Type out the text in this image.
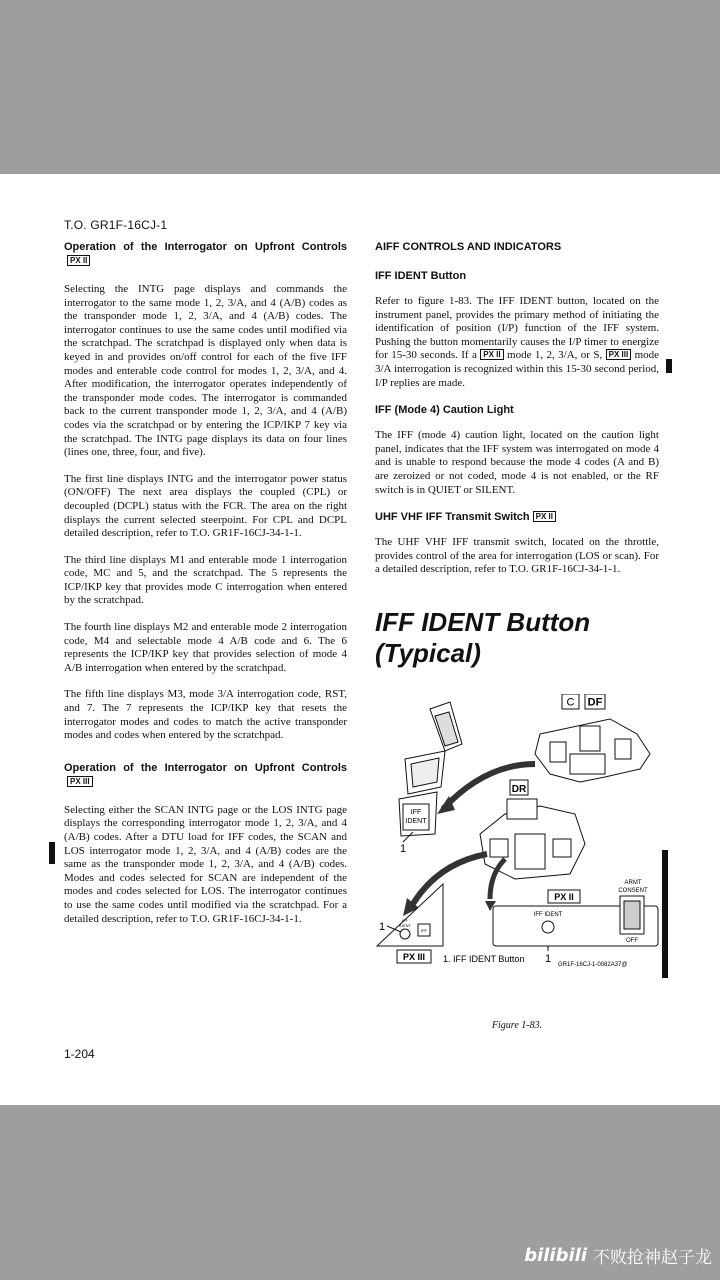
T.O. GR1F-16CJ-1
Operation of the Interrogator on Upfront ControlsPX II

Selecting the INTG page displays and commands the interrogator to the same mode 1, 2, 3/A, and 4 (A/B) codes as the transponder mode 1, 2, 3/A, and 4 (A/B) codes. The interrogator continues to use the same codes until modified via the scratchpad. The scratchpad is displayed only when data is keyed in and provides on/off control for each of the five IFF modes and enterable code control for modes 1, 2, 3/A, and 4. After modification, the interrogator operates independently of the transponder mode codes. The interrogator is commanded back to the current transponder mode 1, 2, 3/A, and 4 (A/B) codes via the scratchpad or by entering the ICP/IKP 7 key via the scratchpad. The INTG page displays its data on four lines (lines one, three, four, and five).

The first line displays INTG and the interrogator power status (ON/OFF) The next area displays the coupled (CPL) or decoupled (DCPL) status with the FCR. The area on the right displays the current selected steerpoint. For CPL and DCPL detailed description, refer to T.O. GR1F-16CJ-34-1-1.

The third line displays M1 and enterable mode 1 interrogation code, MC and 5, and the scratchpad. The 5 represents the ICP/IKP key that provides mode C interrogation when entered by the scratchpad.

The fourth line displays M2 and enterable mode 2 interrogation code, M4 and selectable mode 4 A/B code and 6. The 6 represents the ICP/IKP key that provides selection of mode 4 A/B interrogation when entered by the scratchpad.

The fifth line displays M3, mode 3/A interrogation code, RST, and 7. The 7 represents the ICP/IKP key that resets the interrogator modes and codes to match the active transponder modes and codes when entered by the scratchpad.

Operation of the Interrogator on Upfront ControlsPX III

Selecting either the SCAN INTG page or the LOS INTG page displays the corresponding interrogator mode 1, 2, 3/A, and 4 (A/B) codes. After a DTU load for IFF codes, the SCAN and LOS interrogator mode 1, 2, 3/A, and 4 (A/B) codes are the same as the transponder mode 1, 2, 3/A, and 4 (A/B) codes. Modes and codes selected for SCAN are independent of the modes and codes selected for LOS. The interrogator continues to use the same codes until modified via the scratchpad. For a detailed description, refer to T.O. GR1F-16CJ-34-1-1.

AIFF CONTROLS AND INDICATORS
IFF IDENT Button

Refer to figure 1-83. The IFF IDENT button, located on the instrument panel, provides the primary method of initiating the identification of position (I/P) function of the IFF system. Pushing the button momentarily causes the I/P timer to energize for 15-30 seconds. If a PX II mode 1, 2, 3/A, or S, PX III mode 3/A interrogation is recognized within this 15-30 second period, I/P replies are made.

IFF (Mode 4) Caution Light

The IFF (mode 4) caution light, located on the caution light panel, indicates that the IFF system was interrogated on mode 4 and is unable to respond because the mode 4 codes (A and B) are zeroized or not coded, mode 4 is not enabled, or the RF switch is in QUIET or SILENT.

UHF VHF IFF Transmit Switch PX II

The UHF VHF IFF transmit switch, located on the throttle, provides control of the area for interrogation (LOS or scan). For a detailed description, refer to T.O. GR1F-16CJ-34-1-1.

IFF IDENT Button
(Typical)
C DF
IFF
IDENT
1
DR
IFF
IDENT
IFF
1
PX III
PX II
IFF IDENT
ARMT
CONSENT
OFF
1
1. IFF IDENT Button
GR1F-16CJ-1-0082A37@
Figure 1-83.
1-204
bilibili 不败抢神赵子龙
